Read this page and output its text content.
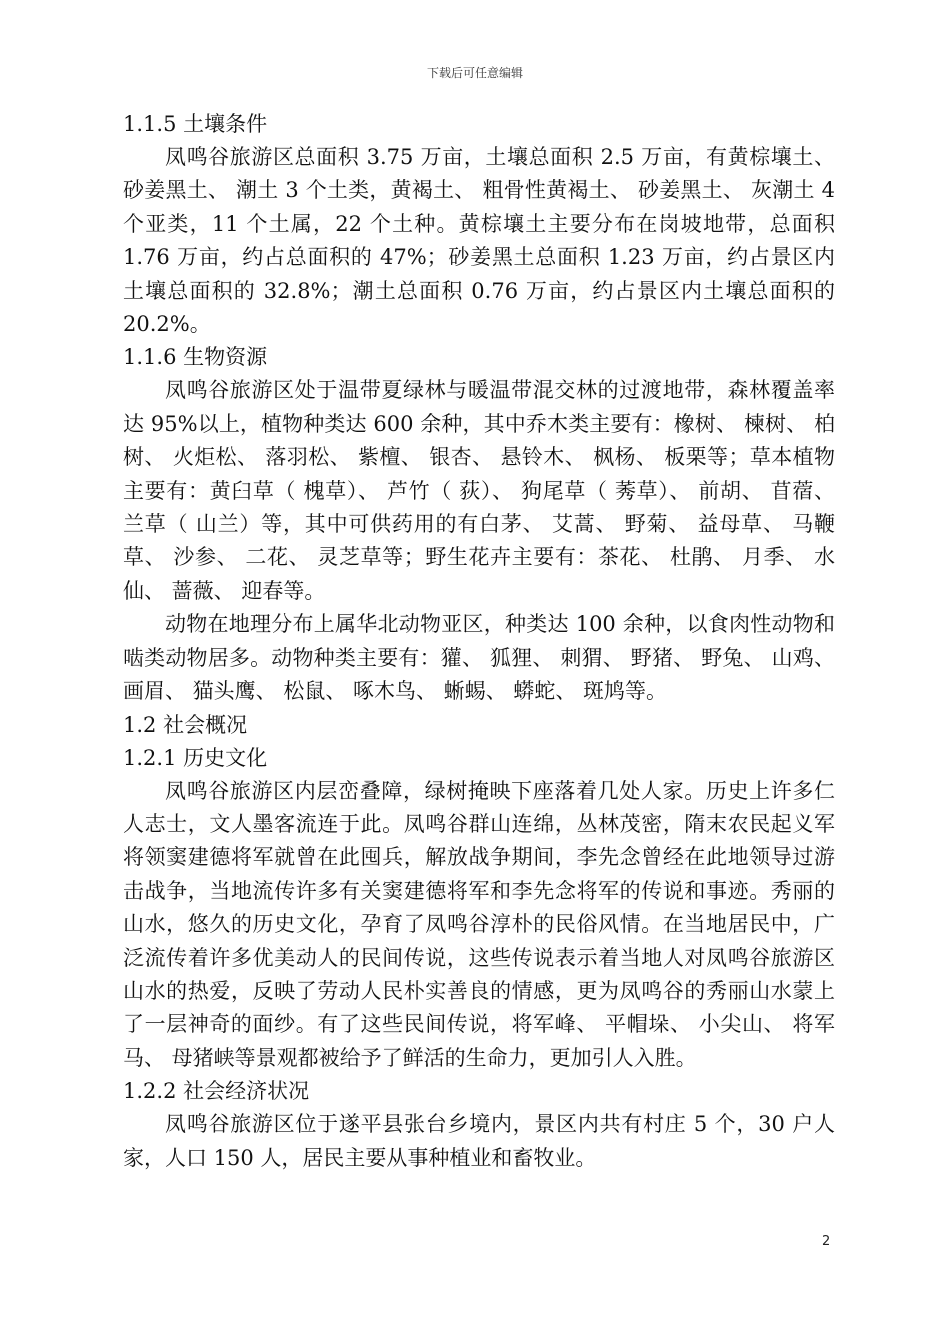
下载后可任意编辑

1.1.5 土壤条件

凤鸣谷旅游区总面积 3.75 万亩，土壤总面积 2.5 万亩，有黄棕壤土、 砂姜黑土、 潮土 3 个土类，黄褐土、 粗骨性黄褐土、 砂姜黑土、 灰潮土 4 个亚类，11 个土属，22 个土种。黄棕壤土主要分布在岗坡地带，总面积 1.76 万亩，约占总面积的 47%；砂姜黑土总面积 1.23 万亩，约占景区内土壤总面积的 32.8%；潮土总面积 0.76 万亩，约占景区内土壤总面积的 20.2%。

1.1.6 生物资源

凤鸣谷旅游区处于温带夏绿林与暖温带混交林的过渡地带，森林覆盖率达 95%以上，植物种类达 600 余种，其中乔木类主要有：橡树、 楝树、 柏树、 火炬松、 落羽松、 紫檀、 银杏、 悬铃木、 枫杨、 板栗等；草本植物主要有：黄臼草（ 槐草）、 芦竹（ 荻）、 狗尾草（ 莠草）、 前胡、 苜蓿、 兰草（ 山兰）等，其中可供药用的有白茅、 艾蒿、 野菊、 益母草、 马鞭草、 沙参、 二花、 灵芝草等；野生花卉主要有：茶花、 杜鹃、 月季、 水仙、 蔷薇、 迎春等。

动物在地理分布上属华北动物亚区，种类达 100 余种，以食肉性动物和啮类动物居多。动物种类主要有：獾、 狐狸、 刺猬、 野猪、 野兔、 山鸡、 画眉、 猫头鹰、 松鼠、 啄木鸟、 蜥蜴、 蟒蛇、 斑鸠等。

1.2 社会概况

1.2.1 历史文化

凤鸣谷旅游区内层峦叠障，绿树掩映下座落着几处人家。历史上许多仁人志士，文人墨客流连于此。凤鸣谷群山连绵，丛林茂密，隋末农民起义军将领窦建德将军就曾在此囤兵，解放战争期间，李先念曾经在此地领导过游击战争，当地流传许多有关窦建德将军和李先念将军的传说和事迹。秀丽的山水，悠久的历史文化，孕育了凤鸣谷淳朴的民俗风情。在当地居民中，广泛流传着许多优美动人的民间传说，这些传说表示着当地人对凤鸣谷旅游区山水的热爱，反映了劳动人民朴实善良的情感，更为凤鸣谷的秀丽山水蒙上了一层神奇的面纱。有了这些民间传说，将军峰、 平帽垛、 小尖山、 将军马、 母猪峡等景观都被给予了鲜活的生命力，更加引人入胜。

1.2.2 社会经济状况

凤鸣谷旅游区位于遂平县张台乡境内，景区内共有村庄 5 个，30 户人家，人口 150 人，居民主要从事种植业和畜牧业。

2
